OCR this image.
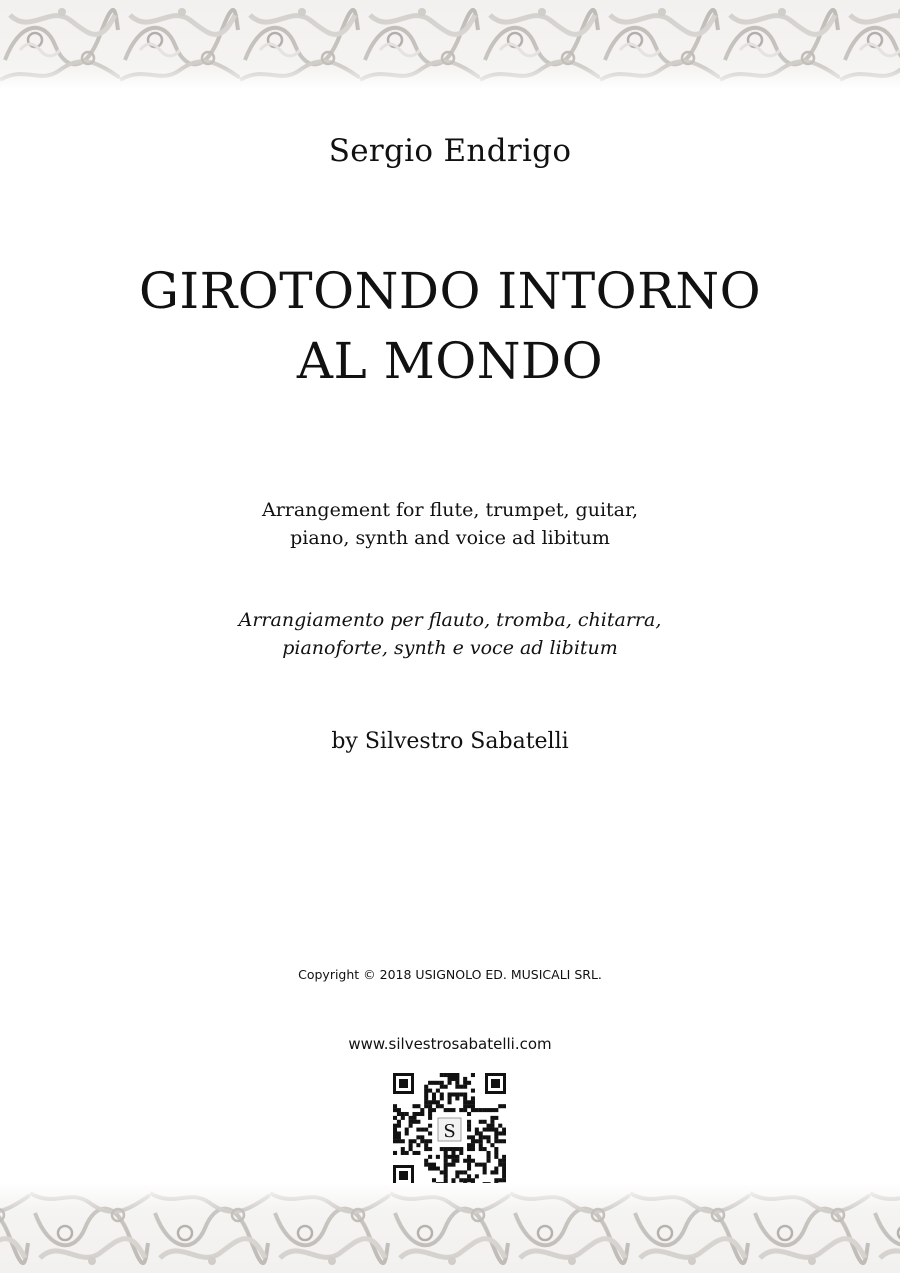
Sergio Endrigo
GIROTONDO INTORNO
AL MONDO
Arrangement for flute, trumpet, guitar,
piano, synth and voice ad libitum
Arrangiamento per flauto, tromba, chitarra,
pianoforte, synth e voce ad libitum
by Silvestro Sabatelli
Copyright © 2018 USIGNOLO ED. MUSICALI SRL.
www.silvestrosabatelli.com
S
